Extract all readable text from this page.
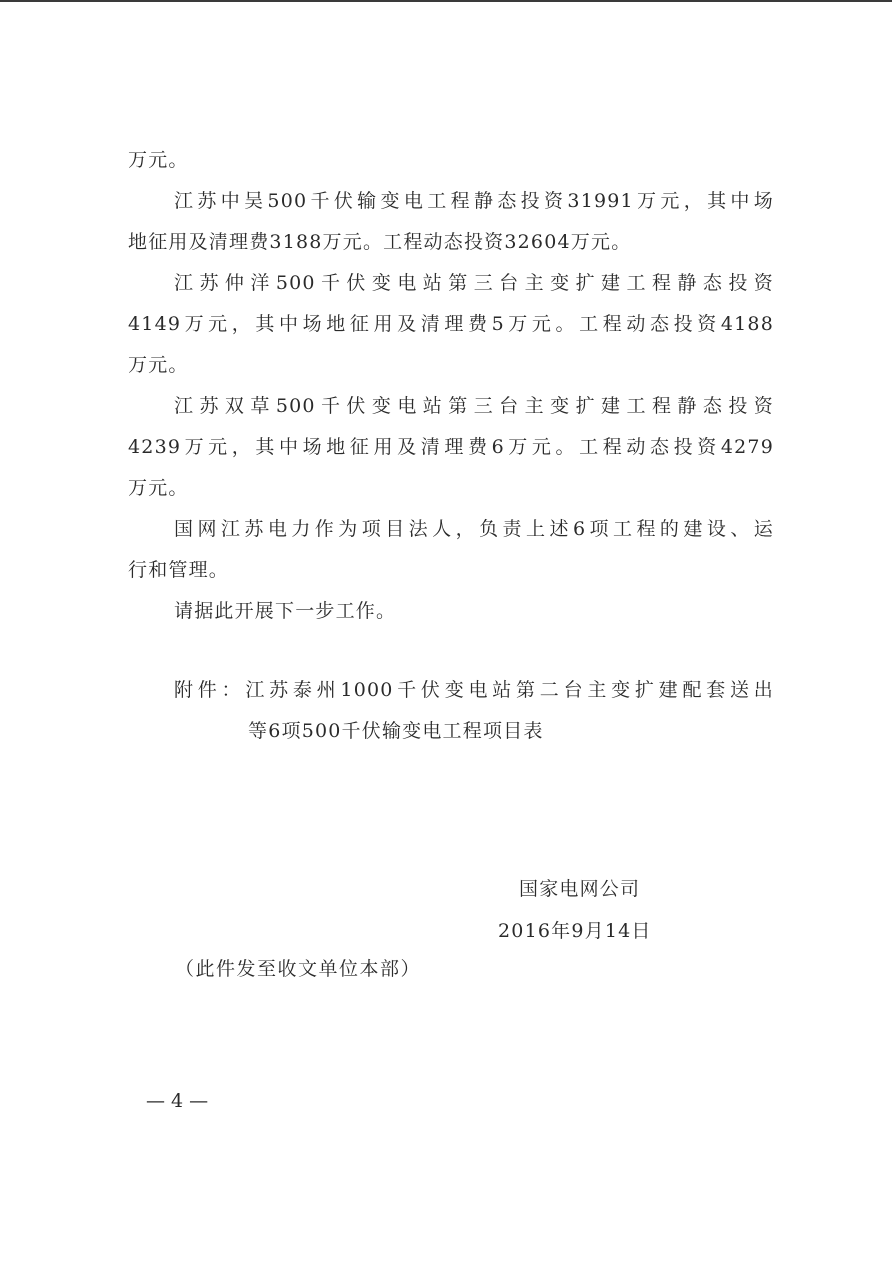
万元。
江苏中吴500千伏输变电工程静态投资31991万元，其中场
地征用及清理费3188万元。工程动态投资32604万元。
江苏仲洋500千伏变电站第三台主变扩建工程静态投资
4149万元，其中场地征用及清理费5万元。工程动态投资4188
万元。
江苏双草500千伏变电站第三台主变扩建工程静态投资
4239万元，其中场地征用及清理费6万元。工程动态投资4279
万元。
国网江苏电力作为项目法人，负责上述6项工程的建设、运
行和管理。
请据此开展下一步工作。
附件：江苏泰州1000千伏变电站第二台主变扩建配套送出
等6项500千伏输变电工程项目表
国家电网公司
2016年9月14日
（此件发至收文单位本部）
— 4 —
